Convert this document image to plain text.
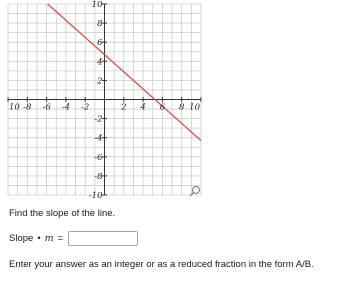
10 -8 -6 -4 -2	2 4 6 8 10
10
8
6
4
2
-2
-4
-6
-8
-10
Find the slope of the line.
Slope • m =
Enter your answer as an integer or as a reduced fraction in the form A/B.
